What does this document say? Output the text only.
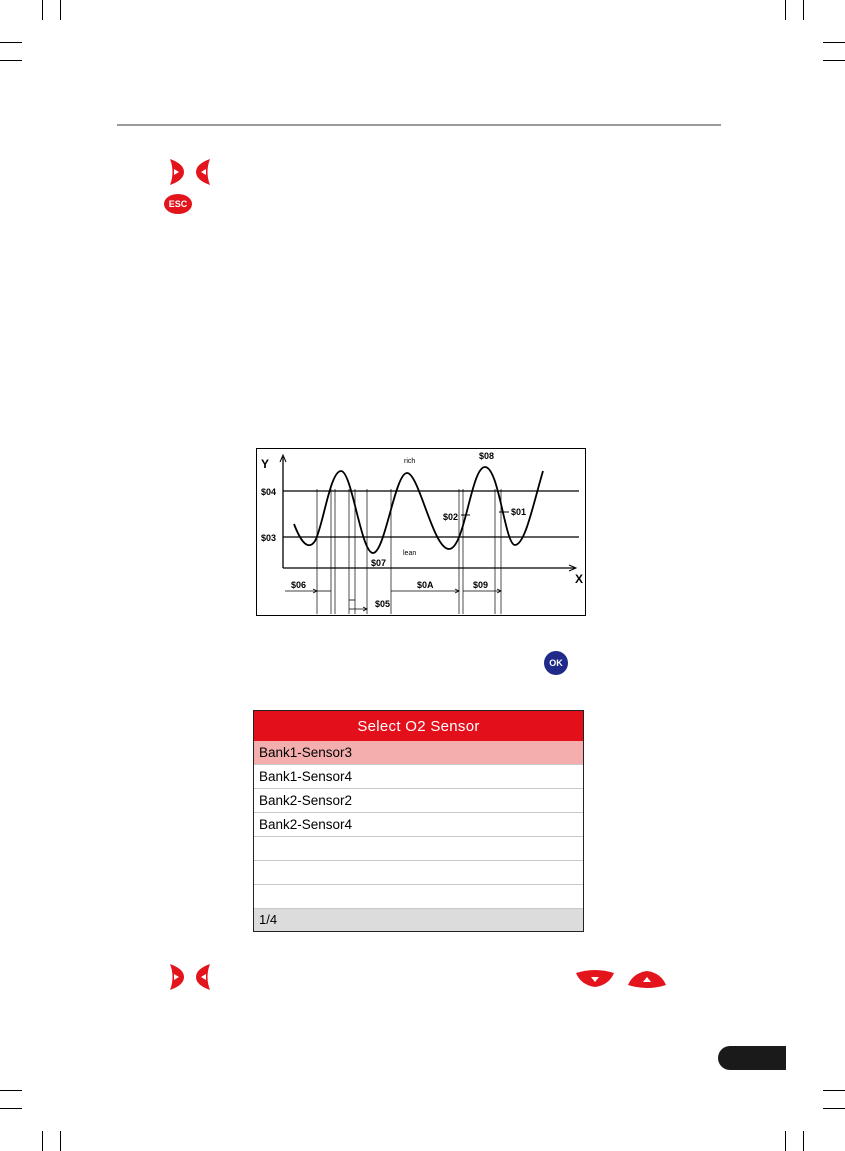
ESC
Y
X
$04
$03
rich
lean
$08
$02	$01
$07
$06
$05
$0A	$09
OK
Select O2 Sensor
Bank1-Sensor3
Bank1-Sensor4
Bank2-Sensor2
Bank2-Sensor4
1/4
